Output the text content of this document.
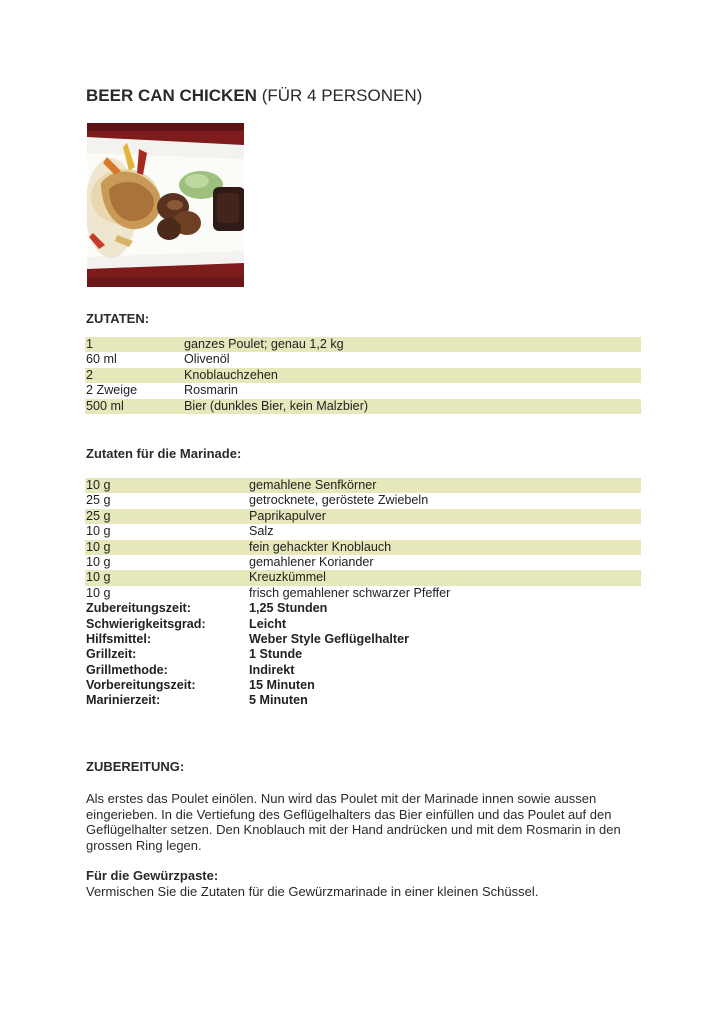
BEER CAN CHICKEN (FÜR 4 PERSONEN)
ZUTATEN:
1	ganzes Poulet; genau 1,2 kg
60 ml	Olivenöl
2	Knoblauchzehen
2 Zweige	Rosmarin
500 ml	Bier (dunkles Bier, kein Malzbier)
Zutaten für die Marinade:
10 g	gemahlene Senfkörner
25 g	getrocknete, geröstete Zwiebeln
25 g	Paprikapulver
10 g	Salz
10 g	fein gehackter Knoblauch
10 g	gemahlener Koriander
10 g	Kreuzkümmel
10 g	frisch gemahlener schwarzer Pfeffer
Zubereitungszeit:	1,25 Stunden
Schwierigkeitsgrad:	Leicht
Hilfsmittel:	Weber Style Geflügelhalter
Grillzeit:	1 Stunde
Grillmethode:	Indirekt
Vorbereitungszeit:	15 Minuten
Marinierzeit:	5 Minuten
ZUBEREITUNG:
Als erstes das Poulet einölen. Nun wird das Poulet mit der Marinade innen sowie aussen
eingerieben. In die Vertiefung des Geflügelhalters das Bier einfüllen und das Poulet auf den
Geflügelhalter setzen. Den Knoblauch mit der Hand andrücken und mit dem Rosmarin in den
grossen Ring legen.
Für die Gewürzpaste:
Vermischen Sie die Zutaten für die Gewürzmarinade in einer kleinen Schüssel.
